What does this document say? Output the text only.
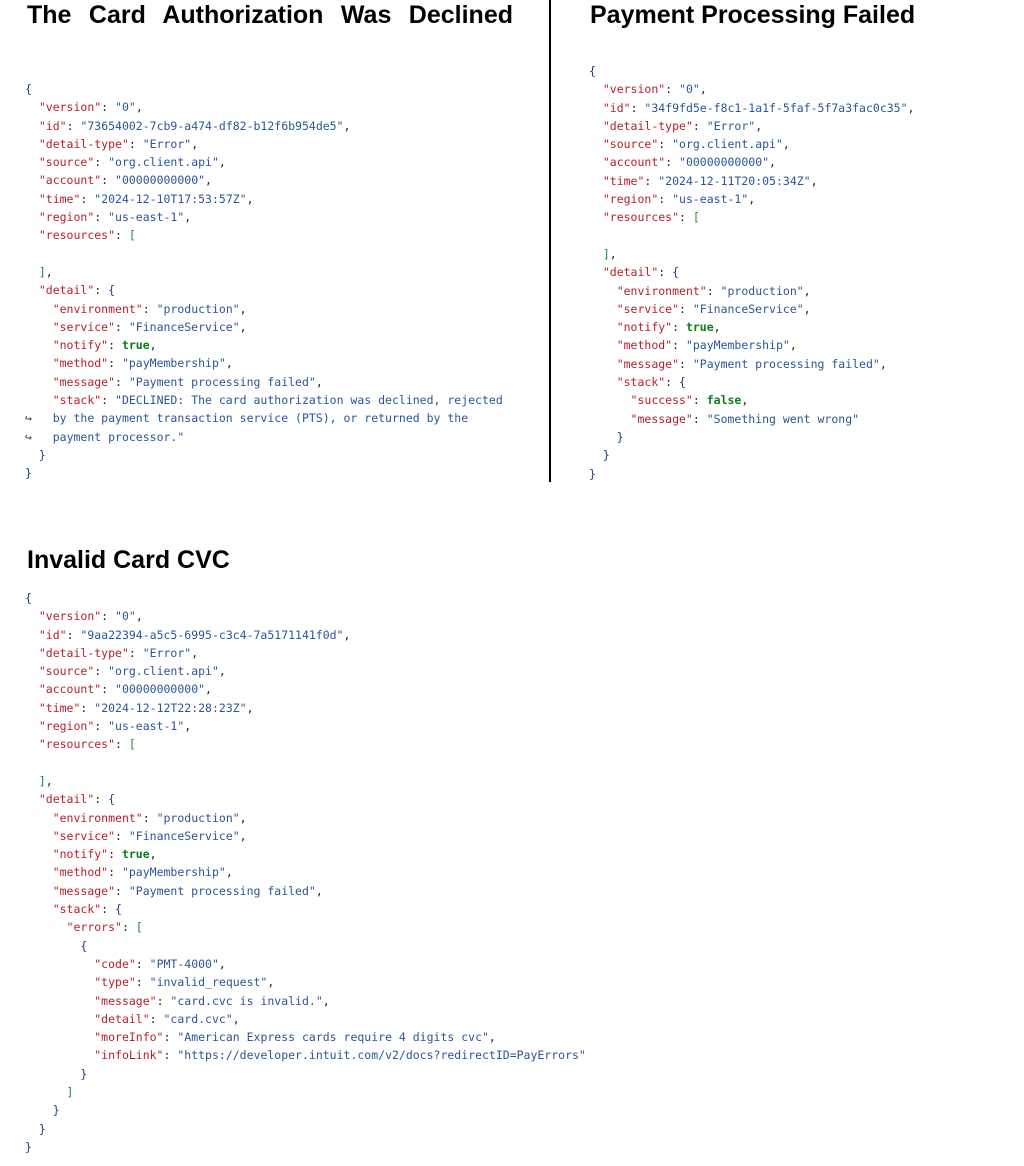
The Card Authorization Was Declined
{
"version": "0",
"id": "73654002-7cb9-a474-df82-b12f6b954de5",
"detail-type": "Error",
"source": "org.client.api",
"account": "00000000000",
"time": "2024-12-10T17:53:57Z",
"region": "us-east-1",
"resources": [

],
"detail": {
"environment": "production",
"service": "FinanceService",
"notify": true,
"method": "payMembership",
"message": "Payment processing failed",
"stack": "DECLINED: The card authorization was declined, rejected
↪ by the payment transaction service (PTS), or returned by the
↪ payment processor."
}
}
Payment Processing Failed
{
"version": "0",
"id": "34f9fd5e-f8c1-1a1f-5faf-5f7a3fac0c35",
"detail-type": "Error",
"source": "org.client.api",
"account": "00000000000",
"time": "2024-12-11T20:05:34Z",
"region": "us-east-1",
"resources": [

],
"detail": {
"environment": "production",
"service": "FinanceService",
"notify": true,
"method": "payMembership",
"message": "Payment processing failed",
"stack": {
"success": false,
"message": "Something went wrong"
}
}
}
Invalid Card CVC
{
"version": "0",
"id": "9aa22394-a5c5-6995-c3c4-7a5171141f0d",
"detail-type": "Error",
"source": "org.client.api",
"account": "00000000000",
"time": "2024-12-12T22:28:23Z",
"region": "us-east-1",
"resources": [

],
"detail": {
"environment": "production",
"service": "FinanceService",
"notify": true,
"method": "payMembership",
"message": "Payment processing failed",
"stack": {
"errors": [
{
"code": "PMT-4000",
"type": "invalid_request",
"message": "card.cvc is invalid.",
"detail": "card.cvc",
"moreInfo": "American Express cards require 4 digits cvc",
"infoLink": "https://developer.intuit.com/v2/docs?redirectID=PayErrors"
}
]
}
}
}
